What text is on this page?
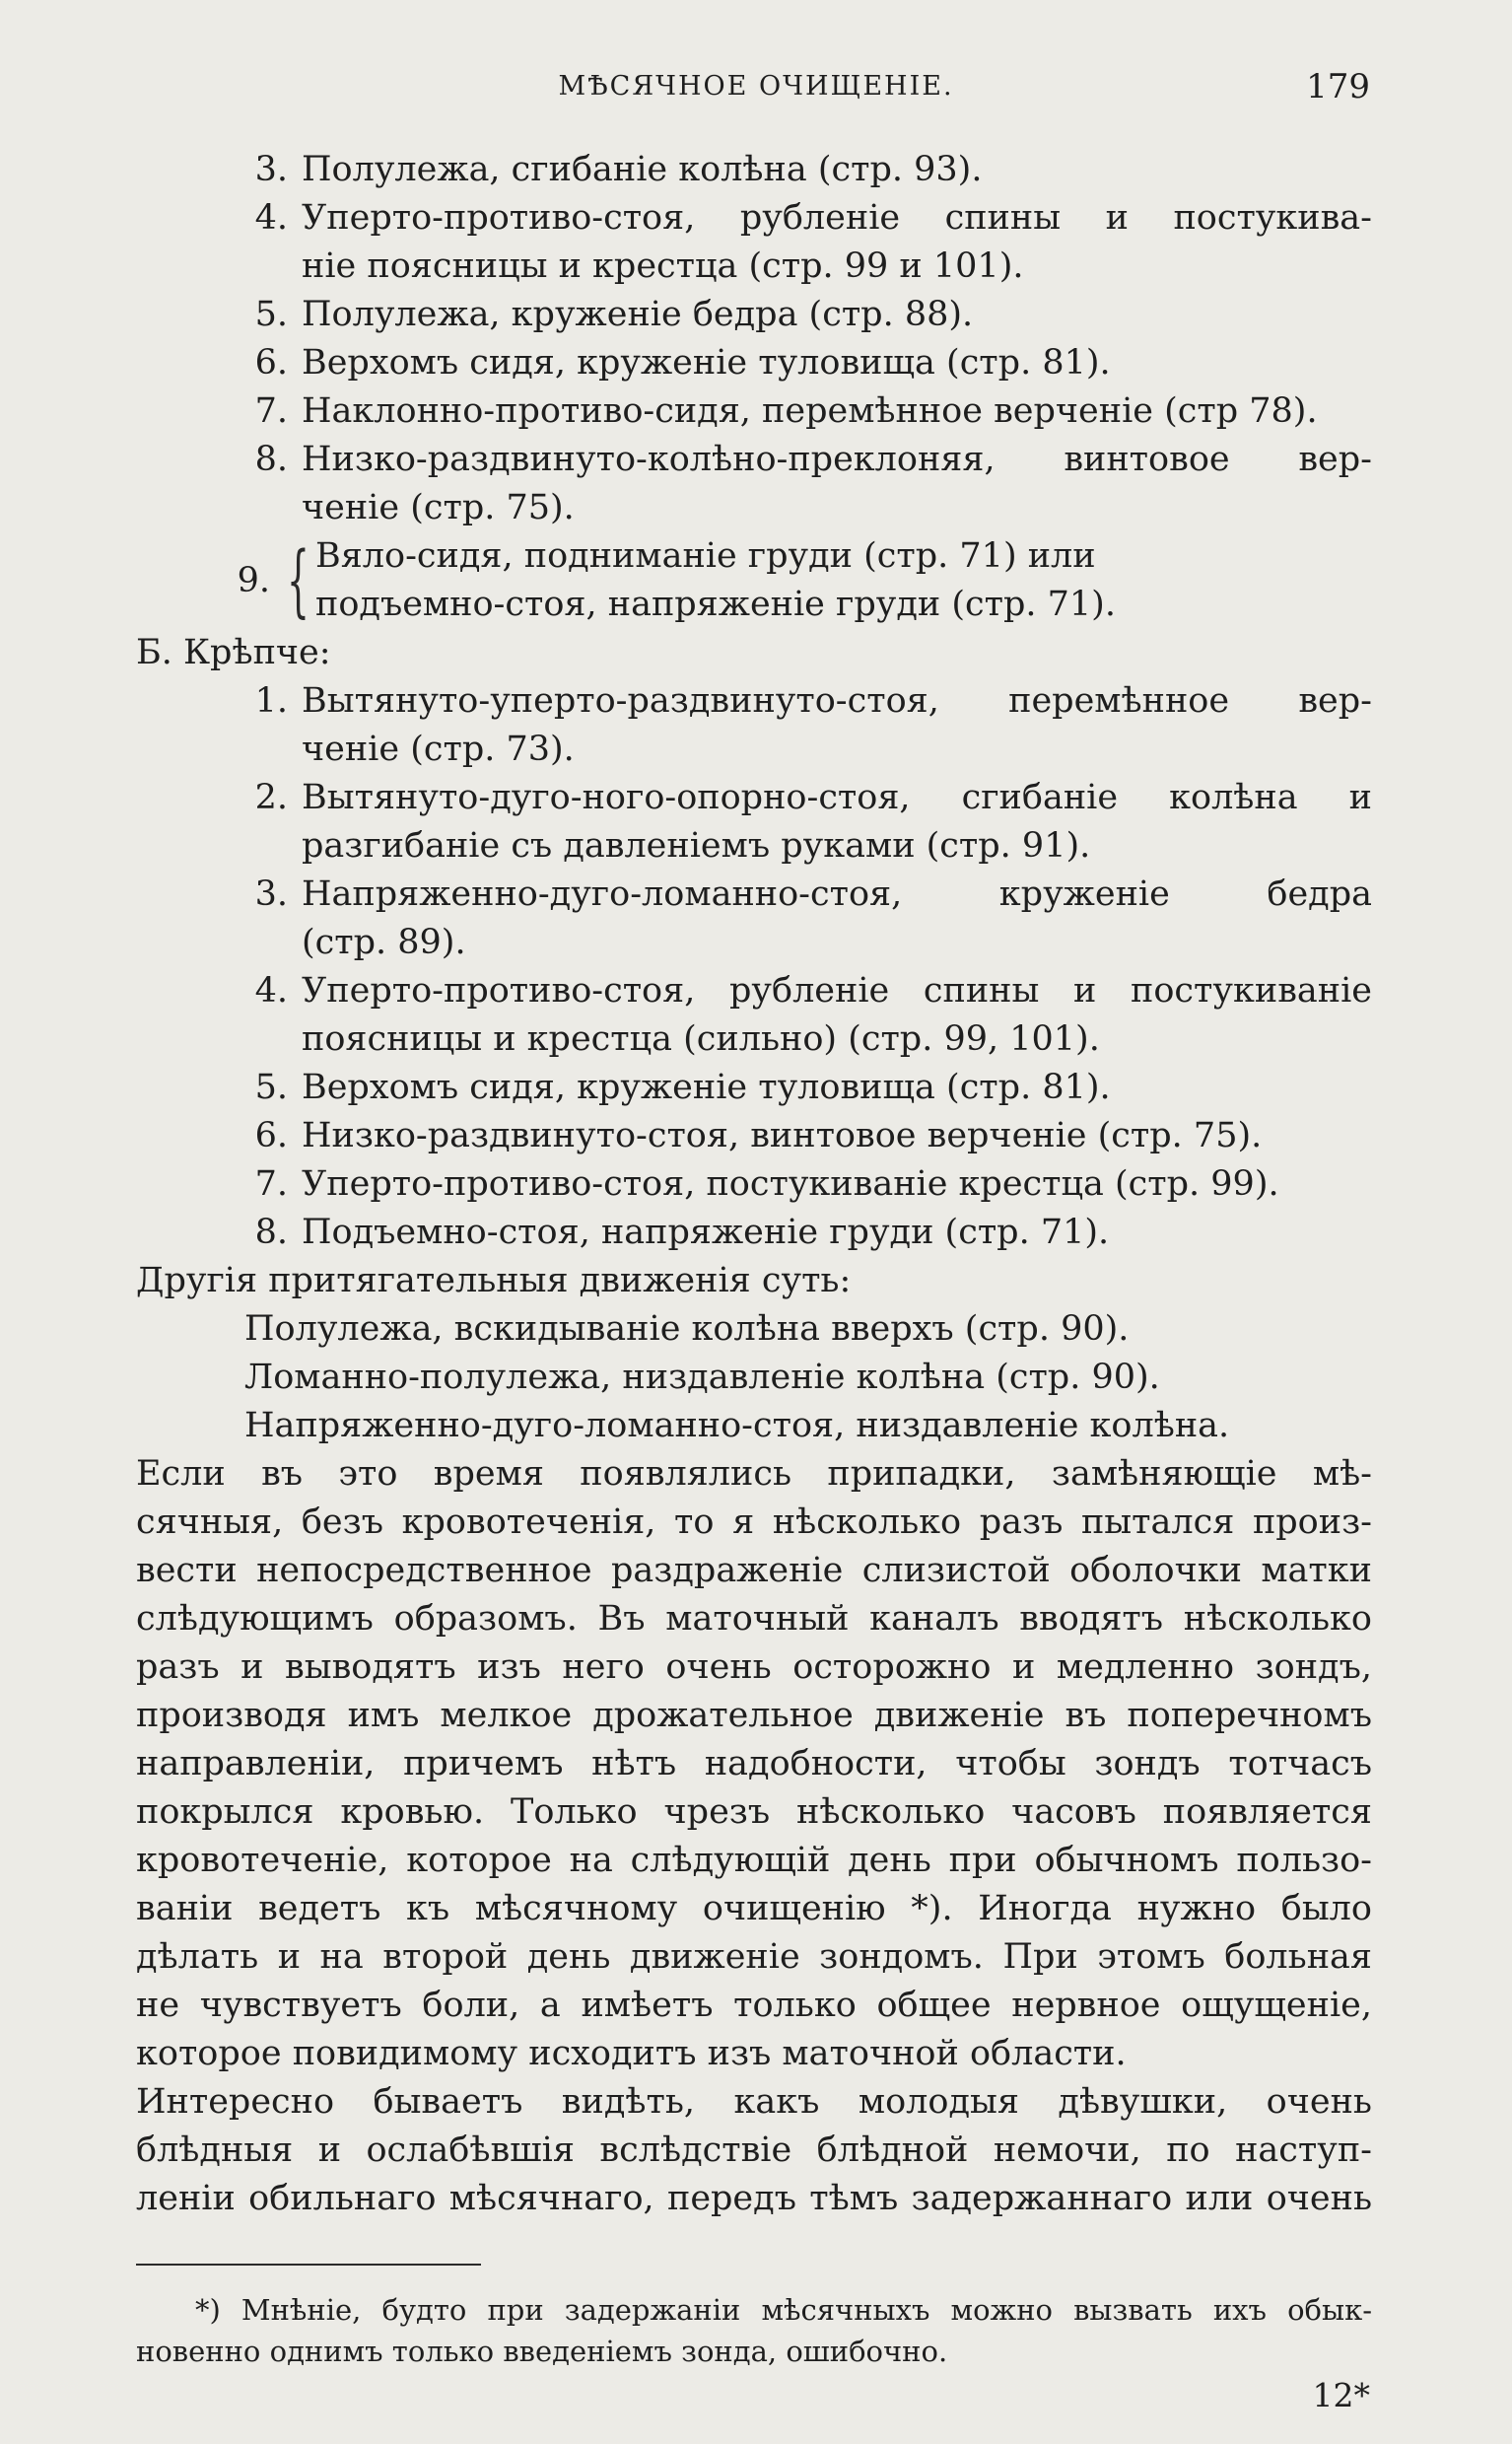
МѢСЯЧНОЕ ОЧИЩЕНІЕ.	179
3. Полулежа, сгибаніе колѣна (стр. 93).
4. Уперто-противо-стоя, рубленіе спины и постукива-
ніе поясницы и крестца (стр. 99 и 101).
5. Полулежа, круженіе бедра (стр. 88).
6. Верхомъ сидя, круженіе туловища (стр. 81).
7. Наклонно-противо-сидя, перемѣнное верченіе (стр 78).
8. Низко-раздвинуто-колѣно-преклоняя, винтовое вер-
ченіе (стр. 75).
9. { Вяло-сидя, подниманіе груди (стр. 71) или
подъемно-стоя, напряженіе груди (стр. 71).
Б. Крѣпче:
1. Вытянуто-уперто-раздвинуто-стоя, перемѣнное вер-
ченіе (стр. 73).
2. Вытянуто-дуго-ного-опорно-стоя, сгибаніе колѣна и
разгибаніе съ давленіемъ руками (стр. 91).
3. Напряженно-дуго-ломанно-стоя, круженіе бедра
(стр. 89).
4. Уперто-противо-стоя, рубленіе спины и постукиваніе
поясницы и крестца (сильно) (стр. 99, 101).
5. Верхомъ сидя, круженіе туловища (стр. 81).
6. Низко-раздвинуто-стоя, винтовое верченіе (стр. 75).
7. Уперто-противо-стоя, постукиваніе крестца (стр. 99).
8. Подъемно-стоя, напряженіе груди (стр. 71).
Другія притягательныя движенія суть:
Полулежа, вскидываніе колѣна вверхъ (стр. 90).
Ломанно-полулежа, низдавленіе колѣна (стр. 90).
Напряженно-дуго-ломанно-стоя, низдавленіе колѣна.
Если въ это время появлялись припадки, замѣняющіе мѣ-
сячныя, безъ кровотеченія, то я нѣсколько разъ пытался произ-
вести непосредственное раздраженіе слизистой оболочки матки
слѣдующимъ образомъ. Въ маточный каналъ вводятъ нѣсколько
разъ и выводятъ изъ него очень осторожно и медленно зондъ,
производя имъ мелкое дрожательное движеніе въ поперечномъ
направленіи, причемъ нѣтъ надобности, чтобы зондъ тотчасъ
покрылся кровью. Только чрезъ нѣсколько часовъ появляется
кровотеченіе, которое на слѣдующій день при обычномъ пользо-
ваніи ведетъ къ мѣсячному очищенію *). Иногда нужно было
дѣлать и на второй день движеніе зондомъ. При этомъ больная
не чувствуетъ боли, а имѣетъ только общее нервное ощущеніе,
которое повидимому исходитъ изъ маточной области.
Интересно бываетъ видѣть, какъ молодыя дѣвушки, очень
блѣдныя и ослабѣвшія вслѣдствіе блѣдной немочи, по наступ-
леніи обильнаго мѣсячнаго, передъ тѣмъ задержаннаго или очень
*) Мнѣніе, будто при задержаніи мѣсячныхъ можно вызвать ихъ обык-
новенно однимъ только введеніемъ зонда, ошибочно.
12*
